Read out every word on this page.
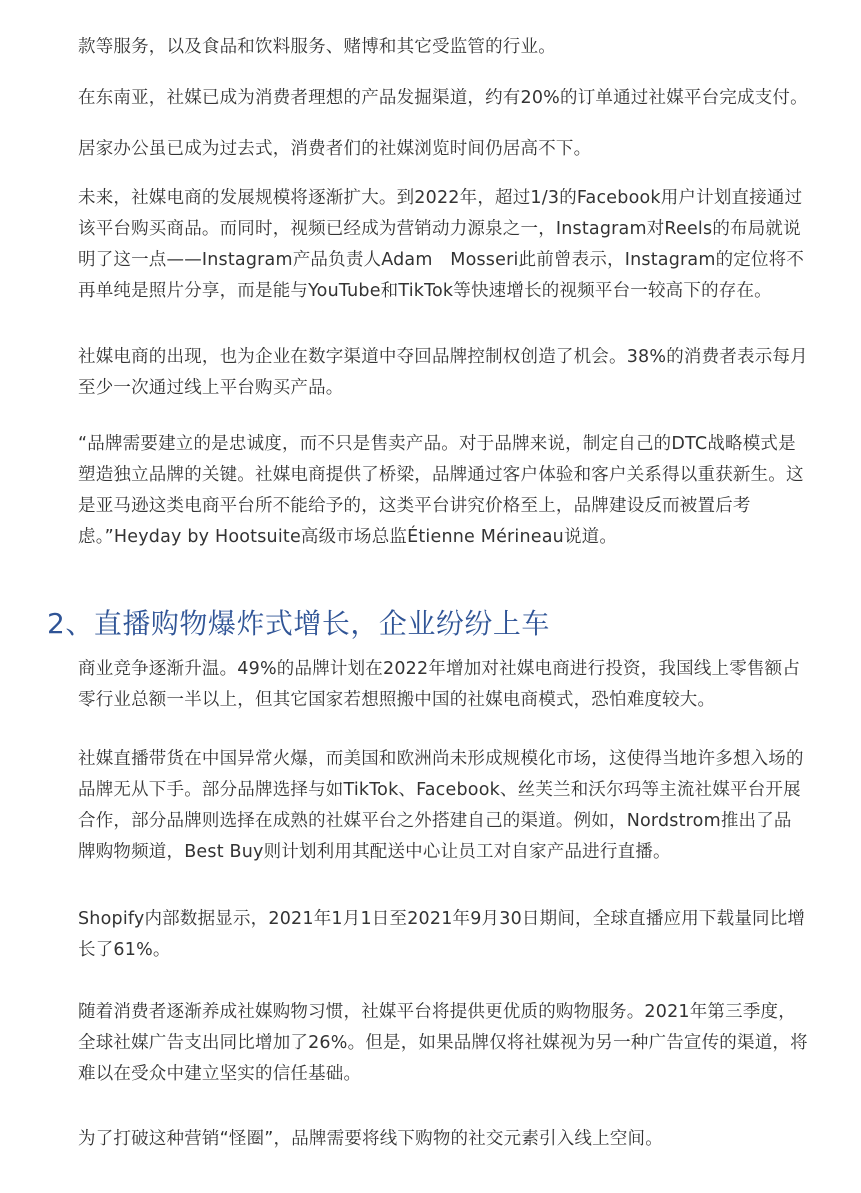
款等服务，以及食品和饮料服务、赌博和其它受监管的行业。

在东南亚，社媒已成为消费者理想的产品发掘渠道，约有20%的订单通过社媒平台完成支付。

居家办公虽已成为过去式，消费者们的社媒浏览时间仍居高不下。

未来，社媒电商的发展规模将逐渐扩大。到2022年，超过1/3的Facebook用户计划直接通过该平台购买商品。而同时，视频已经成为营销动力源泉之一，Instagram对Reels的布局就说明了这一点——Instagram产品负责人Adam　Mosseri此前曾表示，Instagram的定位将不再单纯是照片分享，而是能与YouTube和TikTok等快速增长的视频平台一较高下的存在。

社媒电商的出现，也为企业在数字渠道中夺回品牌控制权创造了机会。38%的消费者表示每月至少一次通过线上平台购买产品。

“品牌需要建立的是忠诚度，而不只是售卖产品。对于品牌来说，制定自己的DTC战略模式是塑造独立品牌的关键。社媒电商提供了桥梁，品牌通过客户体验和客户关系得以重获新生。这是亚马逊这类电商平台所不能给予的，这类平台讲究价格至上，品牌建设反而被置后考虑。”Heyday by Hootsuite高级市场总监Étienne Mérineau说道。

2、直播购物爆炸式增长，企业纷纷上车

商业竞争逐渐升温。49%的品牌计划在2022年增加对社媒电商进行投资，我国线上零售额占零行业总额一半以上，但其它国家若想照搬中国的社媒电商模式，恐怕难度较大。

社媒直播带货在中国异常火爆，而美国和欧洲尚未形成规模化市场，这使得当地许多想入场的品牌无从下手。部分品牌选择与如TikTok、Facebook、丝芙兰和沃尔玛等主流社媒平台开展合作，部分品牌则选择在成熟的社媒平台之外搭建自己的渠道。例如，Nordstrom推出了品牌购物频道，Best Buy则计划利用其配送中心让员工对自家产品进行直播。

Shopify内部数据显示，2021年1月1日至2021年9月30日期间，全球直播应用下载量同比增长了61%。

随着消费者逐渐养成社媒购物习惯，社媒平台将提供更优质的购物服务。2021年第三季度，全球社媒广告支出同比增加了26%。但是，如果品牌仅将社媒视为另一种广告宣传的渠道，将难以在受众中建立坚实的信任基础。

为了打破这种营销“怪圈”，品牌需要将线下购物的社交元素引入线上空间。
